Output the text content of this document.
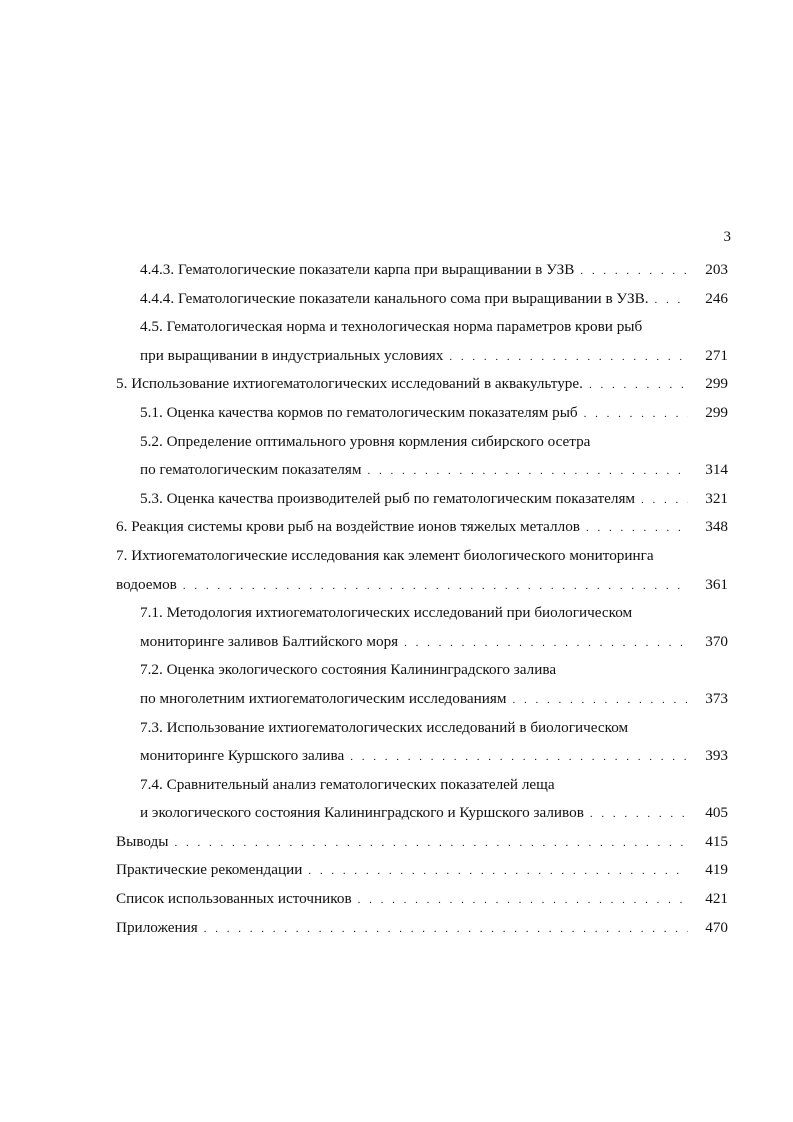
3
4.4.3. Гематологические показатели карпа при выращивании в УЗВ . . .	203
4.4.4. Гематологические показатели канального сома при выращивании в УЗВ. . . .	246
4.5. Гематологическая норма и технологическая норма параметров крови рыб
при выращивании в индустриальных условиях . . .	271
5. Использование ихтиогематологических исследований в аквакультуре. . . .	299
5.1. Оценка качества кормов по гематологическим показателям рыб . . .	299
5.2. Определение оптимального уровня кормления сибирского осетра
по гематологическим показателям . . .	314
5.3. Оценка качества производителей рыб по гематологическим показателям . . .	321
6. Реакция системы крови рыб на воздействие ионов тяжелых металлов . . .	348
7. Ихтиогематологические исследования как элемент биологического мониторинга
водоемов . . .	361
7.1. Методология ихтиогематологических исследований при биологическом
мониторинге заливов Балтийского моря . . .	370
7.2. Оценка экологического состояния Калининградского залива
по многолетним ихтиогематологическим исследованиям . . .	373
7.3. Использование ихтиогематологических исследований в биологическом
мониторинге Куршского залива . . .	393
7.4. Сравнительный анализ гематологических показателей леща
и экологического состояния Калининградского и Куршского заливов . . .	405
Выводы . . .	415
Практические рекомендации . . .	419
Список использованных источников . . .	421
Приложения . . .	470
